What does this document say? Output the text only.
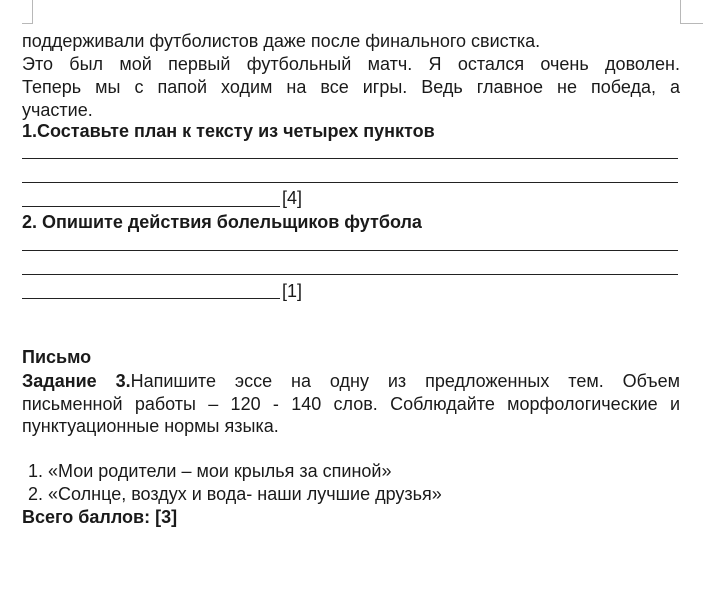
поддерживали футболистов даже после финального свистка.
Это был мой первый футбольный матч. Я остался очень доволен.
Теперь мы с папой ходим на все игры. Ведь главное не победа, а
участие.
1.Составьте план к тексту из четырех пунктов
[4]
2. Опишите действия болельщиков футбола
[1]
Письмо
Задание 3.Напишите эссе на одну из предложенных тем. Объем
письменной работы – 120 - 140 слов. Соблюдайте морфологические и
пунктуационные нормы языка.
1. «Мои родители – мои крылья за спиной»
2. «Солнце, воздух и вода- наши лучшие друзья»
Всего баллов: [3]
